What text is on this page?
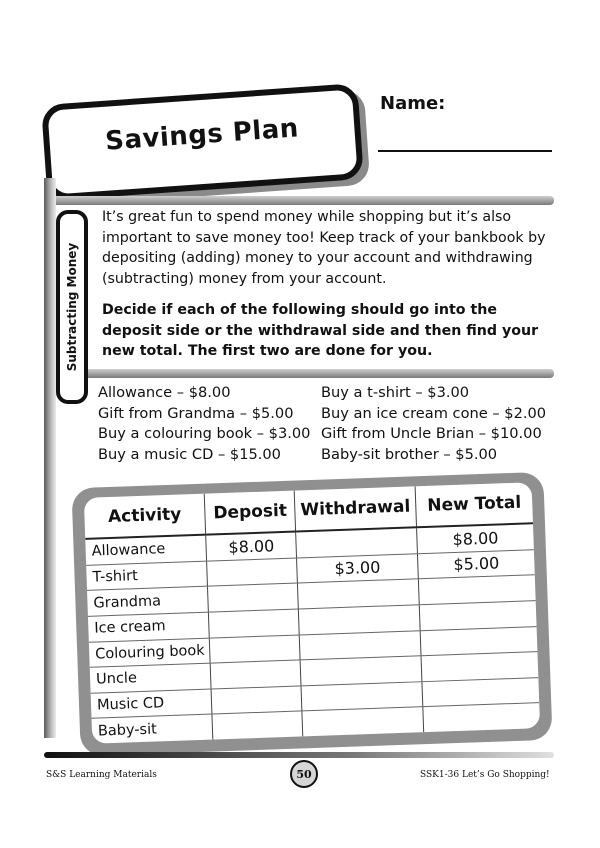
Savings Plan
Name:
Subtracting Money
It’s great fun to spend money while shopping but it’s also important to save money too! Keep track of your bankbook by depositing (adding) money to your account and withdrawing (subtracting) money from your account.
Decide if each of the following should go into the deposit side or the withdrawal side and then find your new total. The first two are done for you.
Allowance – $8.00
Gift from Grandma – $5.00
Buy a colouring book – $3.00
Buy a music CD – $15.00
Buy a t-shirt – $3.00
Buy an ice cream cone – $2.00
Gift from Uncle Brian – $10.00
Baby-sit brother – $5.00
Activity	Deposit	Withdrawal	New Total
Allowance	$8.00		$8.00
T-shirt		$3.00	$5.00
Grandma			
Ice cream			
Colouring book			
Uncle			
Music CD			
Baby-sit			
S&S Learning Materials	50	SSK1-36 Let’s Go Shopping!
